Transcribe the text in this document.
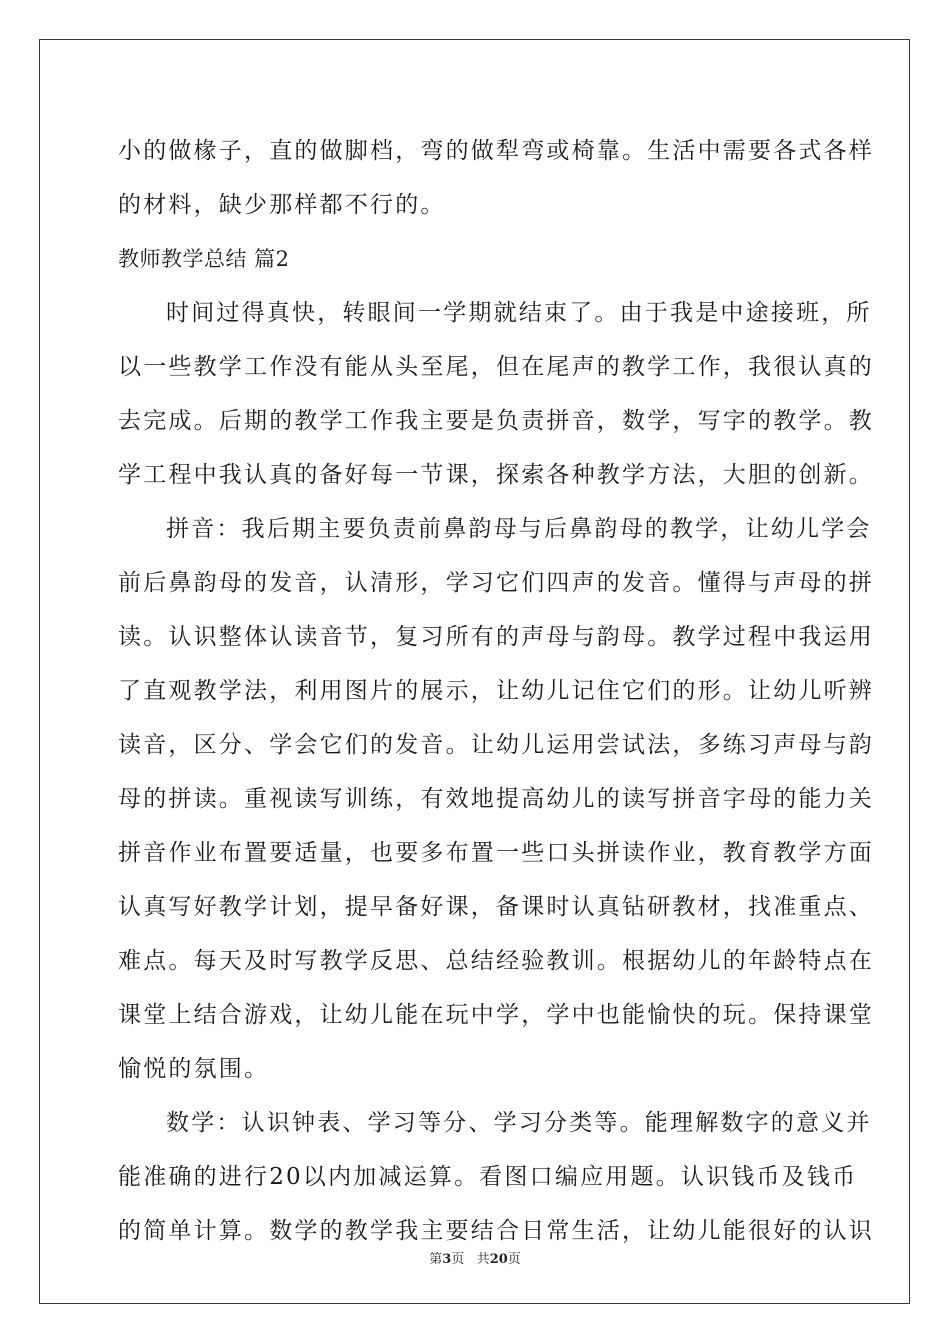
小的做椽子，直的做脚档，弯的做犁弯或椅靠。生活中需要各式各样
的材料，缺少那样都不行的。
教师教学总结 篇2
时间过得真快，转眼间一学期就结束了。由于我是中途接班，所
以一些教学工作没有能从头至尾，但在尾声的教学工作，我很认真的
去完成。后期的教学工作我主要是负责拼音，数学，写字的教学。教
学工程中我认真的备好每一节课，探索各种教学方法，大胆的创新。
拼音：我后期主要负责前鼻韵母与后鼻韵母的教学，让幼儿学会
前后鼻韵母的发音，认清形，学习它们四声的发音。懂得与声母的拼
读。认识整体认读音节，复习所有的声母与韵母。教学过程中我运用
了直观教学法，利用图片的展示，让幼儿记住它们的形。让幼儿听辨
读音，区分、学会它们的发音。让幼儿运用尝试法，多练习声母与韵
母的拼读。重视读写训练，有效地提高幼儿的读写拼音字母的能力关
拼音作业布置要适量，也要多布置一些口头拼读作业，教育教学方面
认真写好教学计划，提早备好课，备课时认真钻研教材，找准重点、
难点。每天及时写教学反思、总结经验教训。根据幼儿的年龄特点在
课堂上结合游戏，让幼儿能在玩中学，学中也能愉快的玩。保持课堂
愉悦的氛围。
数学：认识钟表、学习等分、学习分类等。能理解数字的意义并
能准确的进行20以内加减运算。看图口编应用题。认识钱币及钱币
的简单计算。数学的教学我主要结合日常生活，让幼儿能很好的认识
第3页 共20页
